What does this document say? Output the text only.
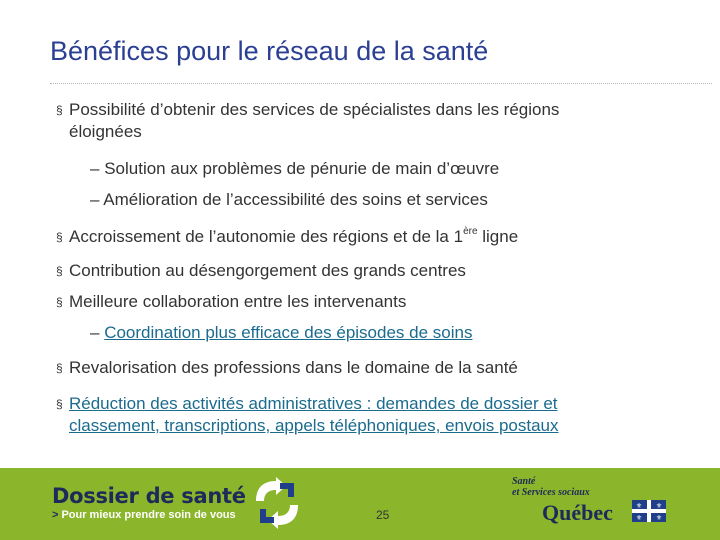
Bénéfices pour le réseau de la santé
§ Possibilité d’obtenir des services de spécialistes dans les régions
éloignées
– Solution aux problèmes de pénurie de main d’œuvre
– Amélioration de l’accessibilité des soins et services
§ Accroissement de l’autonomie des régions et de la 1ère ligne
§ Contribution au désengorgement des grands centres
§ Meilleure collaboration entre les intervenants
– Coordination plus efficace des épisodes de soins
§ Revalorisation des professions dans le domaine de la santé
§ Réduction des activités administratives : demandes de dossier et
classement, transcriptions, appels téléphoniques, envois postaux
Dossier de santé
> Pour mieux prendre soin de vous	25
Santé
et Services sociaux
Québec	⚜ ⚜
⚜ ⚜
